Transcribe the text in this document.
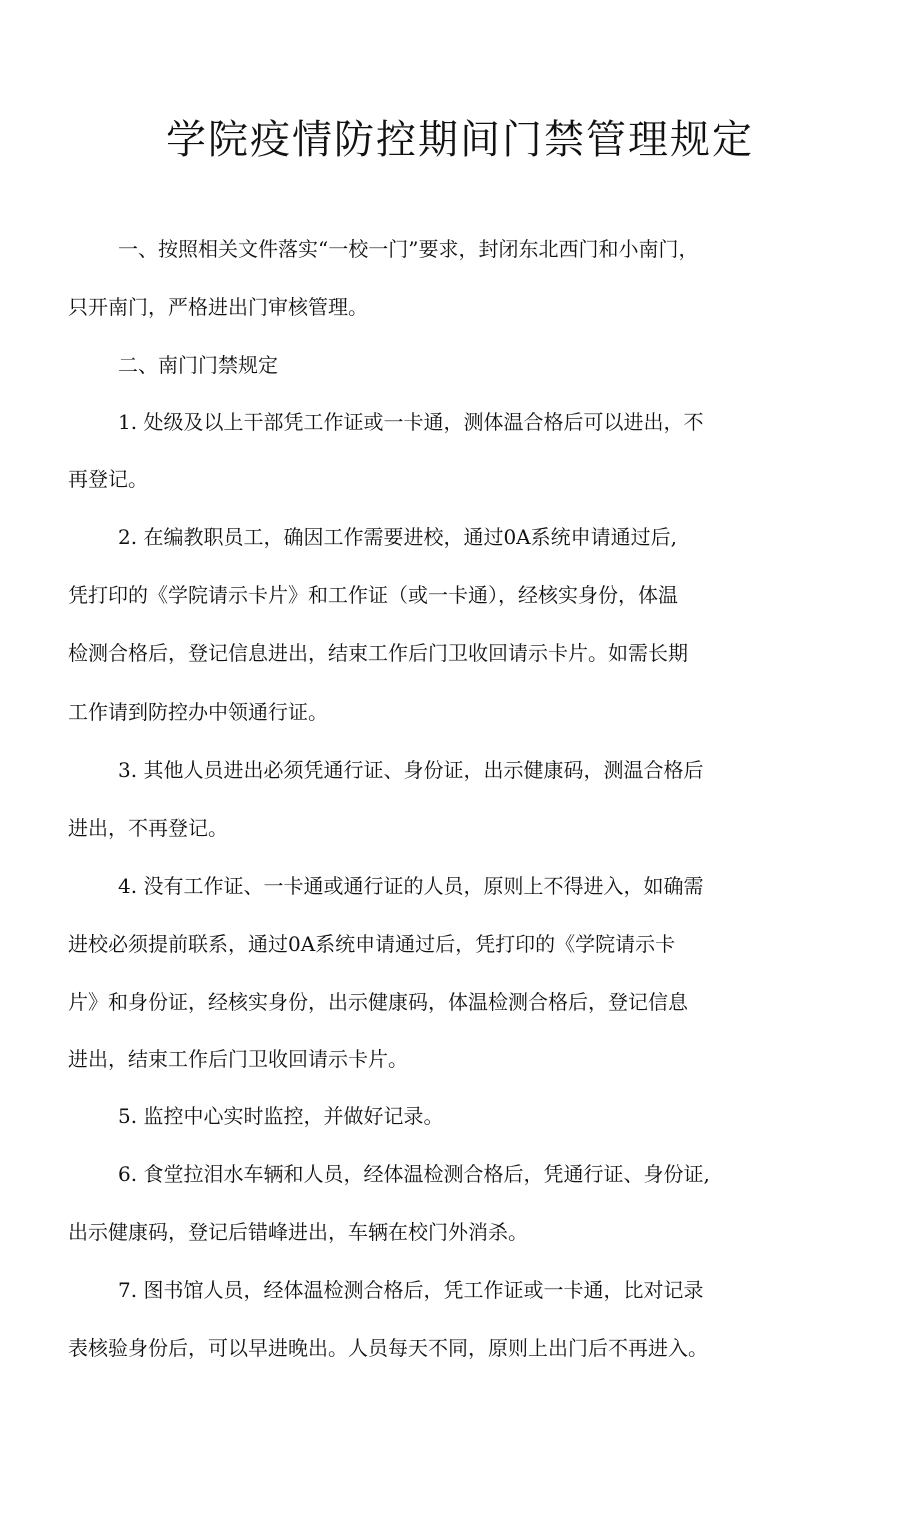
学院疫情防控期间门禁管理规定

一、按照相关文件落实“一校一门”要求，封闭东北西门和小南门，

只开南门，严格进出门审核管理。

二、南门门禁规定

1. 处级及以上干部凭工作证或一卡通，测体温合格后可以进出，不

再登记。

2. 在编教职员工，确因工作需要进校，通过0A系统申请通过后,

凭打印的《学院请示卡片》和工作证（或一卡通），经核实身份，体温

检测合格后，登记信息进出，结束工作后门卫收回请示卡片。如需长期

工作请到防控办中领通行证。

3. 其他人员进出必须凭通行证、身份证，出示健康码，测温合格后

进出，不再登记。

4. 没有工作证、一卡通或通行证的人员，原则上不得进入，如确需

进校必须提前联系，通过0A系统申请通过后，凭打印的《学院请示卡

片》和身份证，经核实身份，出示健康码，体温检测合格后，登记信息

进出，结束工作后门卫收回请示卡片。

5. 监控中心实时监控，并做好记录。

6. 食堂拉泪水车辆和人员，经体温检测合格后，凭通行证、身份证,

出示健康码，登记后错峰进出，车辆在校门外消杀。

7. 图书馆人员，经体温检测合格后，凭工作证或一卡通，比对记录

表核验身份后，可以早进晚出。人员每天不同，原则上出门后不再进入。
